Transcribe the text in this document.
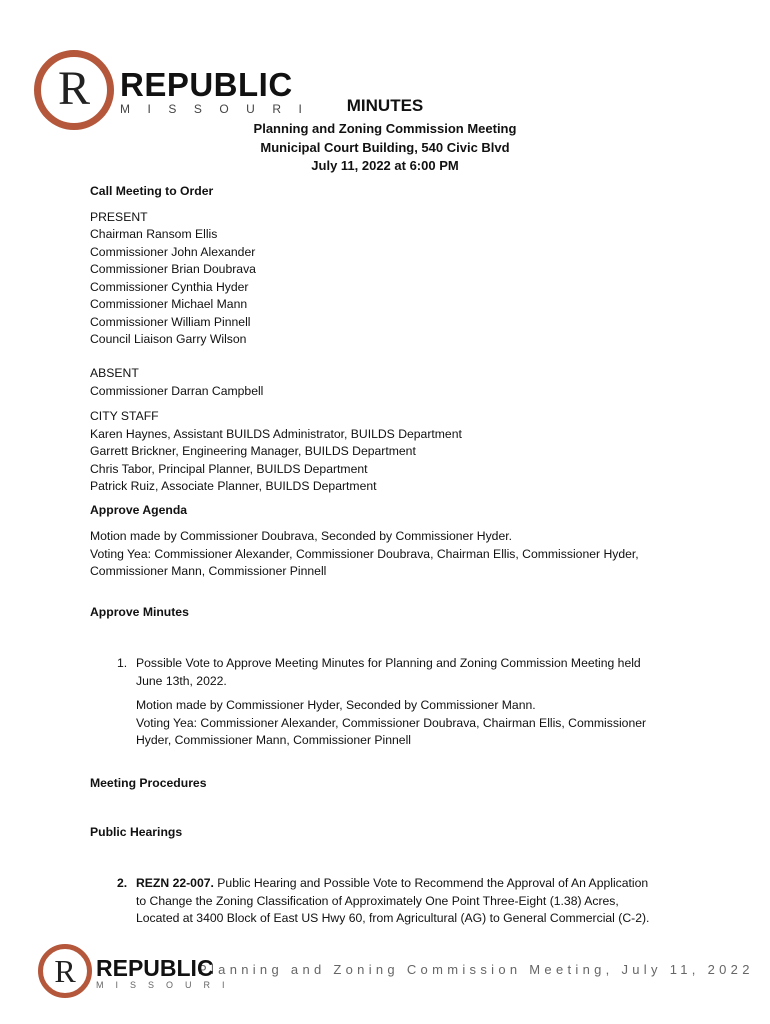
R REPUBLIC
MISSOURI	MINUTES
Planning and Zoning Commission Meeting
Municipal Court Building, 540 Civic Blvd
July 11, 2022 at 6:00 PM
Call Meeting to Order
PRESENT
Chairman Ransom Ellis
Commissioner John Alexander
Commissioner Brian Doubrava
Commissioner Cynthia Hyder
Commissioner Michael Mann
Commissioner William Pinnell
Council Liaison Garry Wilson
ABSENT
Commissioner Darran Campbell
CITY STAFF
Karen Haynes, Assistant BUILDS Administrator, BUILDS Department
Garrett Brickner, Engineering Manager, BUILDS Department
Chris Tabor, Principal Planner, BUILDS Department
Patrick Ruiz, Associate Planner, BUILDS Department
Approve Agenda
Motion made by Commissioner Doubrava, Seconded by Commissioner Hyder.
Voting Yea: Commissioner Alexander, Commissioner Doubrava, Chairman Ellis, Commissioner Hyder,
Commissioner Mann, Commissioner Pinnell
Approve Minutes
1. Possible Vote to Approve Meeting Minutes for Planning and Zoning Commission Meeting held
June 13th, 2022.
Motion made by Commissioner Hyder, Seconded by Commissioner Mann.
Voting Yea: Commissioner Alexander, Commissioner Doubrava, Chairman Ellis, Commissioner
Hyder, Commissioner Mann, Commissioner Pinnell
Meeting Procedures
Public Hearings
2. REZN 22-007. Public Hearing and Possible Vote to Recommend the Approval of An Application
to Change the Zoning Classification of Approximately One Point Three-Eight (1.38) Acres,
Located at 3400 Block of East US Hwy 60, from Agricultural (AG) to General Commercial (C-2).
Planning and Zoning Commission Meeting, July 11, 2022
R REPUBLIC
MISSOURI
